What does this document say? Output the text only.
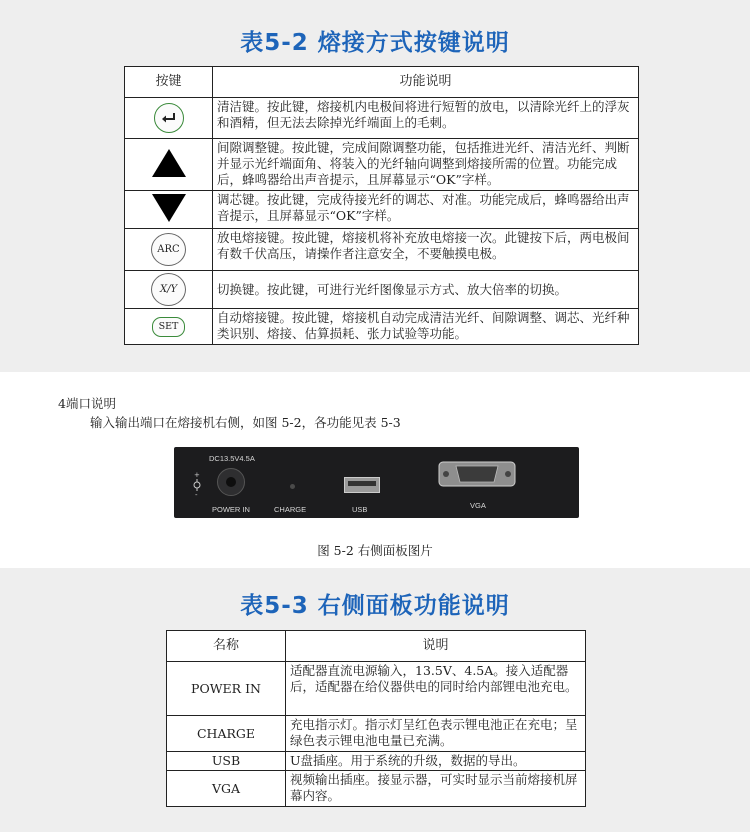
表5-2 熔接方式按键说明
按键	功能说明

	清洁键。按此键，熔接机内电极间将进行短暂的放电，以清除光纤上的浮灰和酒精，但无法去除掉光纤端面上的毛刺。
	间隙调整键。按此键，完成间隙调整功能，包括推进光纤、清洁光纤、判断并显示光纤端面角、将装入的光纤轴向调整到熔接所需的位置。功能完成后，蜂鸣器给出声音提示，且屏幕显示“OK”字样。
	调芯键。按此键，完成待接光纤的调芯、对准。功能完成后，蜂鸣器给出声音提示，且屏幕显示“OK”字样。
ARC	放电熔接键。按此键，熔接机将补充放电熔接一次。此键按下后，两电极间有数千伏高压，请操作者注意安全，不要触摸电极。
X/Y	切换键。按此键，可进行光纤图像显示方式、放大倍率的切换。
SET	自动熔接键。按此键，熔接机自动完成清洁光纤、间隙调整、调芯、光纤种类识别、熔接、估算损耗、张力试验等功能。
4端口说明
输入输出端口在熔接机右侧，如图 5-2，各功能见表 5-3
DC13.5V4.5A
+
-
POWER IN	CHARGE	USB	VGA
图 5-2 右侧面板图片
表5-3 右侧面板功能说明
名称	说明
POWER IN	适配器直流电源输入，13.5V、4.5A。接入适配器后，适配器在给仪器供电的同时给内部锂电池充电。
CHARGE	充电指示灯。指示灯呈红色表示锂电池正在充电；呈绿色表示锂电池电量已充满。
USB	U盘插座。用于系统的升级，数据的导出。
VGA	视频输出插座。接显示器，可实时显示当前熔接机屏幕内容。
